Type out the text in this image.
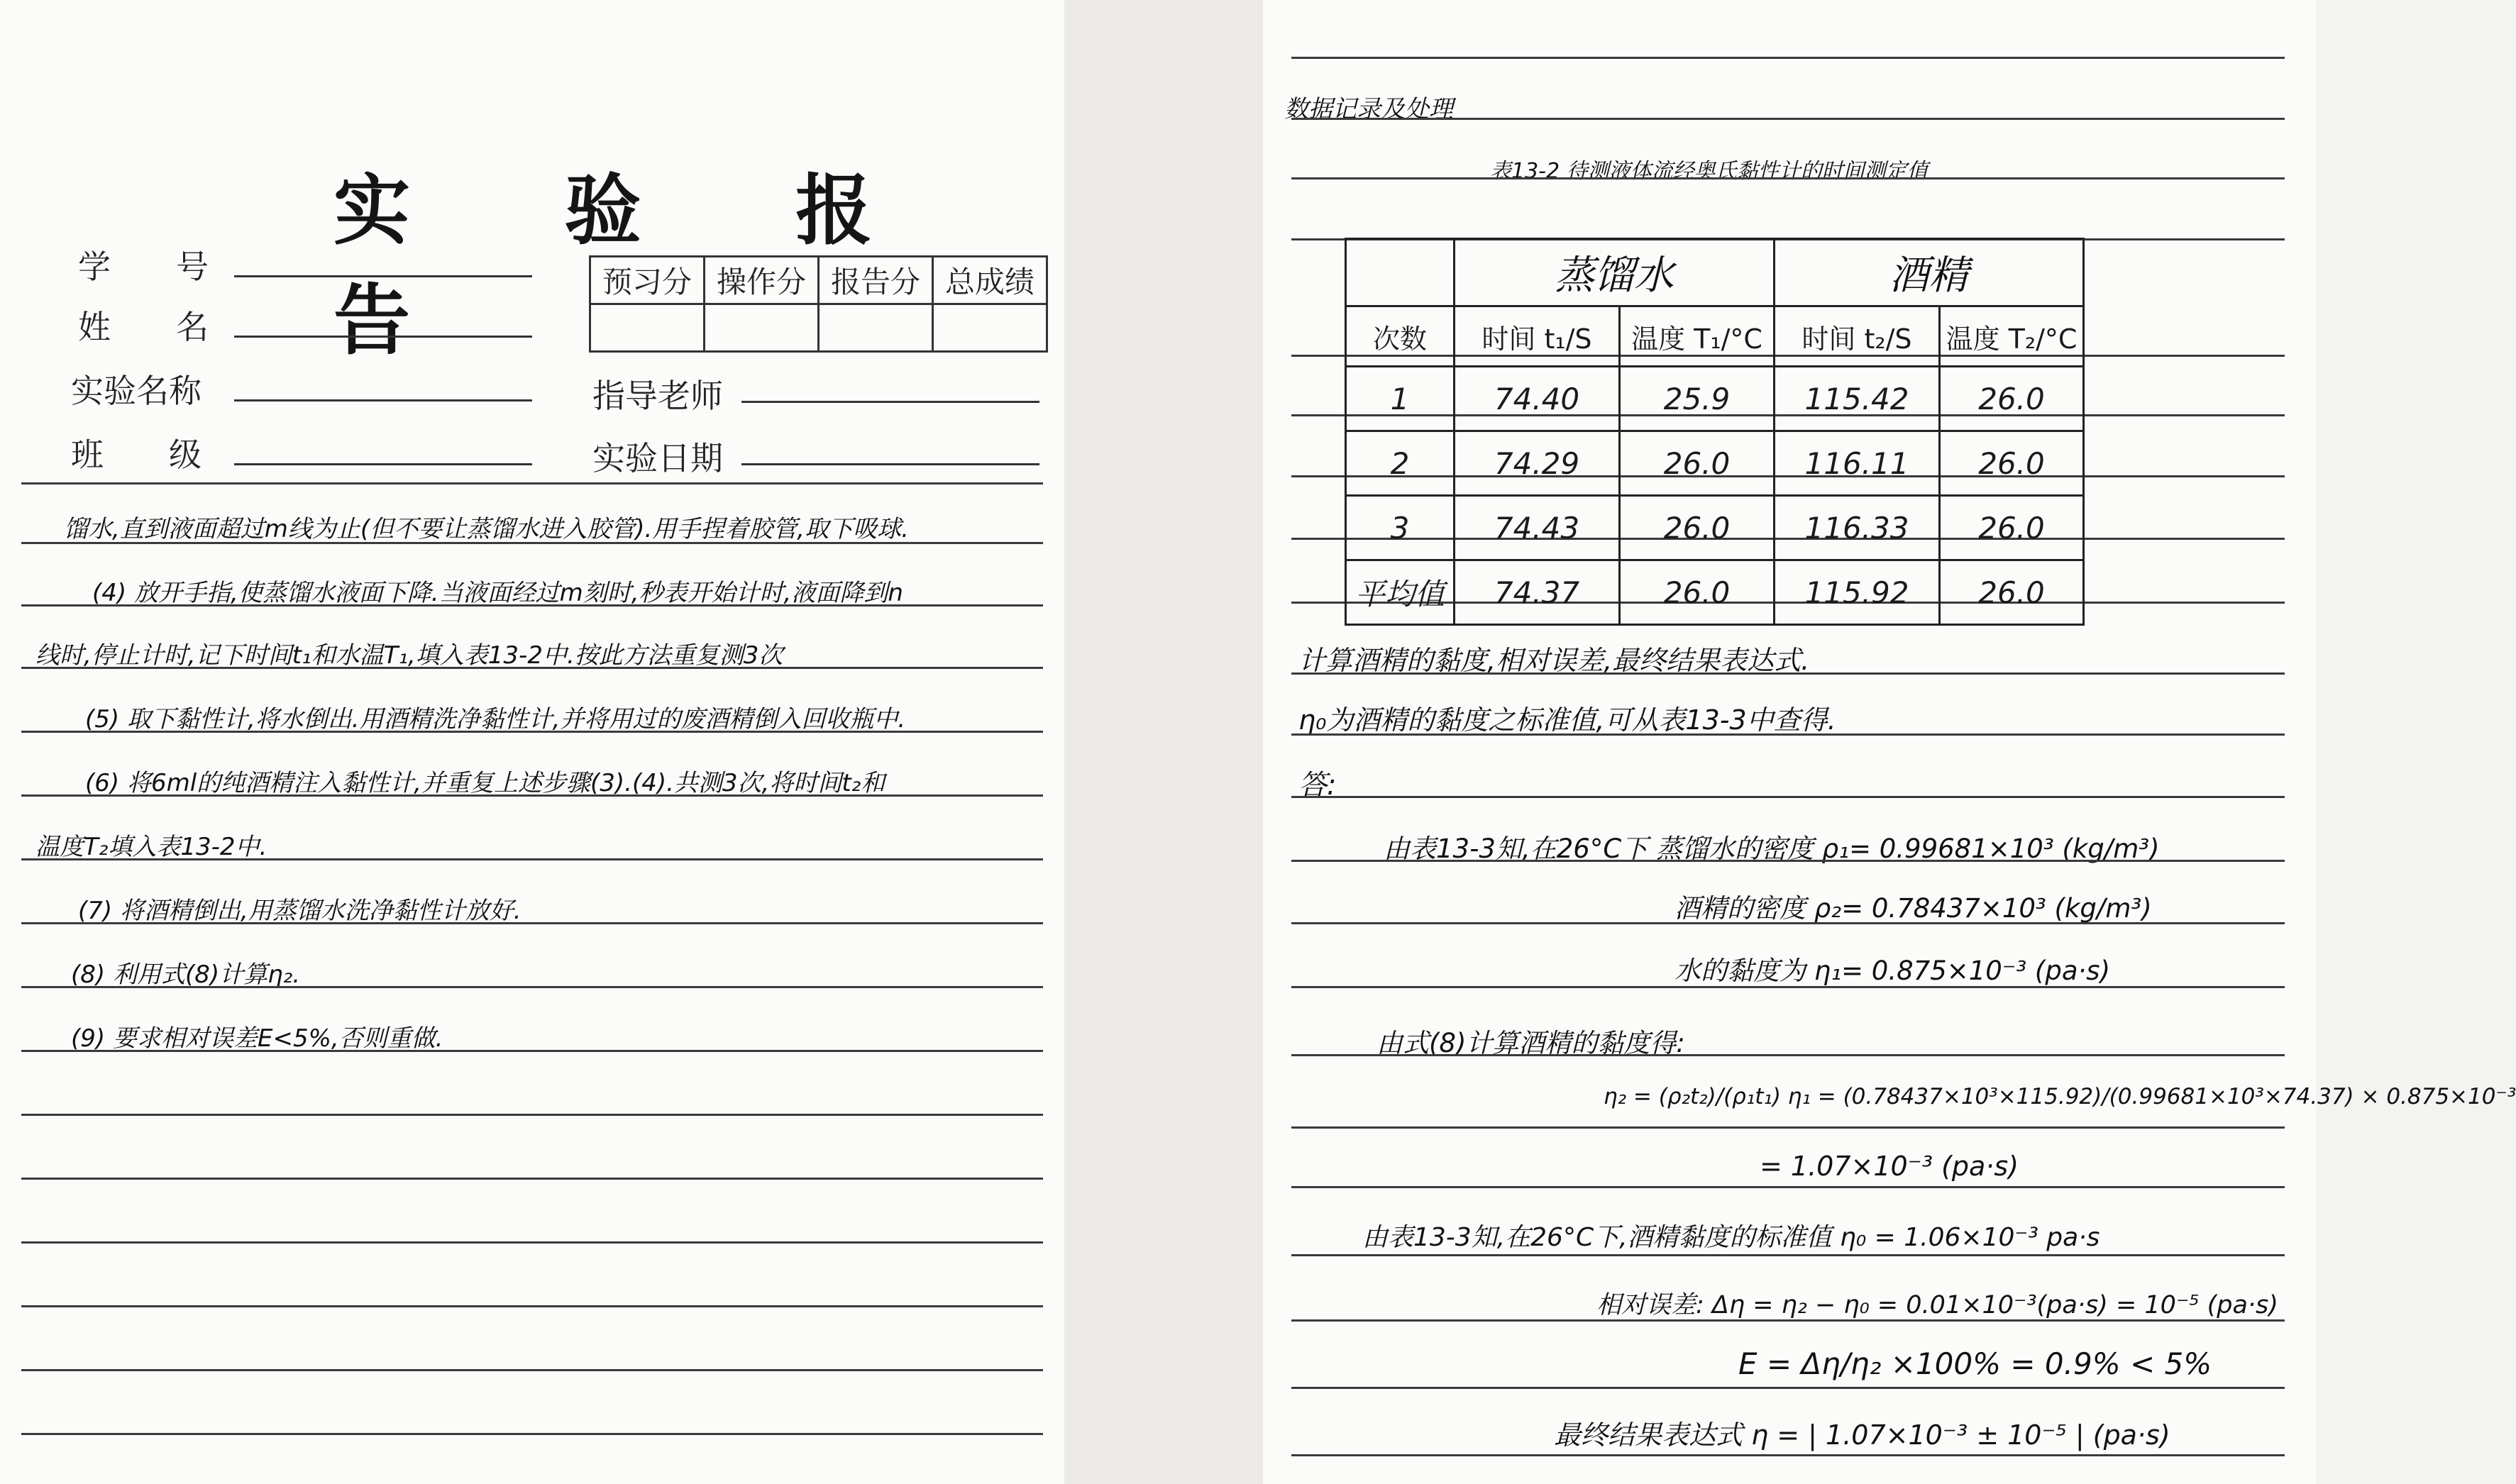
实 验 报 告
学　　号
姓　　名
实验名称
班　　级
预习分	操作分	报告分	总成绩

指导老师
实验日期
馏水,直到液面超过m线为止(但不要让蒸馏水进入胶管).用手捏着胶管,取下吸球.
(4) 放开手指,使蒸馏水液面下降.当液面经过m刻时,秒表开始计时,液面降到n
线时,停止计时,记下时间t₁和水温T₁,填入表13-2中.按此方法重复测3次
(5) 取下黏性计,将水倒出.用酒精洗净黏性计,并将用过的废酒精倒入回收瓶中.
(6) 将6ml的纯酒精注入黏性计,并重复上述步骤(3).(4).共测3次,将时间t₂和
温度T₂填入表13-2中.
(7) 将酒精倒出,用蒸馏水洗净黏性计放好.
(8) 利用式(8)计算η₂.
(9) 要求相对误差E<5%,否则重做.
数据记录及处理
表13-2 待测液体流经奥氏黏性计的时间测定值
	蒸馏水		酒精	
次数	时间 t₁/S	温度 T₁/°C	时间 t₂/S	温度 T₂/°C
1	74.40	25.9	115.42	26.0
2	74.29	26.0	116.11	26.0
3	74.43	26.0	116.33	26.0
平均值	74.37	26.0	115.92	26.0
计算酒精的黏度,相对误差,最终结果表达式.
η₀为酒精的黏度之标准值,可从表13-3中查得.
答:
由表13-3知,在26°C下 蒸馏水的密度 ρ₁= 0.99681×10³ (kg/m³)
酒精的密度 ρ₂= 0.78437×10³ (kg/m³)
水的黏度为 η₁= 0.875×10⁻³ (pa·s)
由式(8)计算酒精的黏度得:
η₂ = (ρ₂t₂)/(ρ₁t₁) η₁ = (0.78437×10³×115.92)/(0.99681×10³×74.37) × 0.875×10⁻³
= 1.07×10⁻³ (pa·s)
由表13-3知,在26°C下,酒精黏度的标准值 η₀ = 1.06×10⁻³ pa·s
相对误差: Δη = η₂ − η₀ = 0.01×10⁻³(pa·s) = 10⁻⁵ (pa·s)
E = Δη/η₂ ×100% = 0.9% < 5%
最终结果表达式 η = | 1.07×10⁻³ ± 10⁻⁵ | (pa·s)
